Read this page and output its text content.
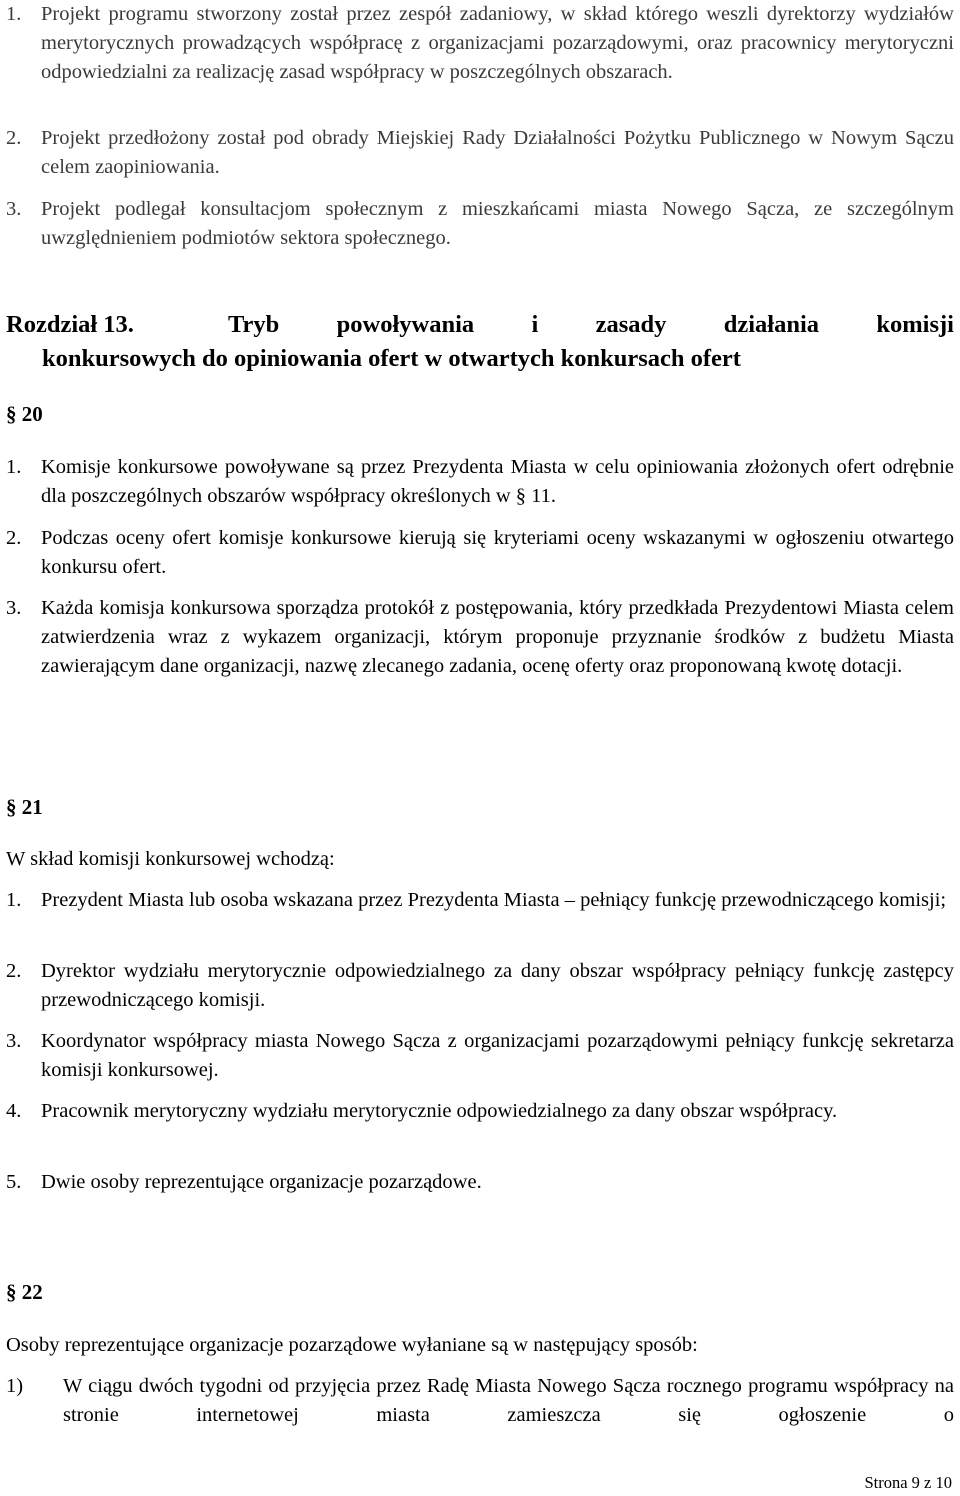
1. Projekt programu stworzony został przez zespół zadaniowy, w skład którego weszli dyrektorzy wydziałów merytorycznych prowadzących współpracę z organizacjami pozarządowymi, oraz pracownicy merytoryczni odpowiedzialni za realizację zasad współpracy w poszczególnych obszarach.
2. Projekt przedłożony został pod obrady Miejskiej Rady Działalności Pożytku Publicznego w Nowym Sączu celem zaopiniowania.
3. Projekt podlegał konsultacjom społecznym z mieszkańcami miasta Nowego Sącza, ze szczególnym uwzględnieniem podmiotów sektora społecznego.
Rozdział 13.	Tryb powoływania i zasady działania komisji
konkursowych do opiniowania ofert w otwartych konkursach ofert
§ 20
1. Komisje konkursowe powoływane są przez Prezydenta Miasta w celu opiniowania złożonych ofert odrębnie dla poszczególnych obszarów współpracy określonych w § 11.
2. Podczas oceny ofert komisje konkursowe kierują się kryteriami oceny wskazanymi w ogłoszeniu otwartego konkursu ofert.
3. Każda komisja konkursowa sporządza protokół z postępowania, który przedkłada Prezydentowi Miasta celem zatwierdzenia wraz z wykazem organizacji, którym proponuje przyznanie środków z budżetu Miasta zawierającym dane organizacji, nazwę zlecanego zadania, ocenę oferty oraz proponowaną kwotę dotacji.
§ 21
W skład komisji konkursowej wchodzą:
1. Prezydent Miasta lub osoba wskazana przez Prezydenta Miasta – pełniący funkcję przewodniczącego komisji;
2. Dyrektor wydziału merytorycznie odpowiedzialnego za dany obszar współpracy pełniący funkcję zastępcy przewodniczącego komisji.
3. Koordynator współpracy miasta Nowego Sącza z organizacjami pozarządowymi pełniący funkcję sekretarza komisji konkursowej.
4. Pracownik merytoryczny wydziału merytorycznie odpowiedzialnego za dany obszar współpracy.
5. Dwie osoby reprezentujące organizacje pozarządowe.
§ 22
Osoby reprezentujące organizacje pozarządowe wyłaniane są w następujący sposób:
1)	W ciągu dwóch tygodni od przyjęcia przez Radę Miasta Nowego Sącza rocznego programu współpracy na stronie internetowej miasta zamieszcza się ogłoszenie o
Strona 9 z 10
